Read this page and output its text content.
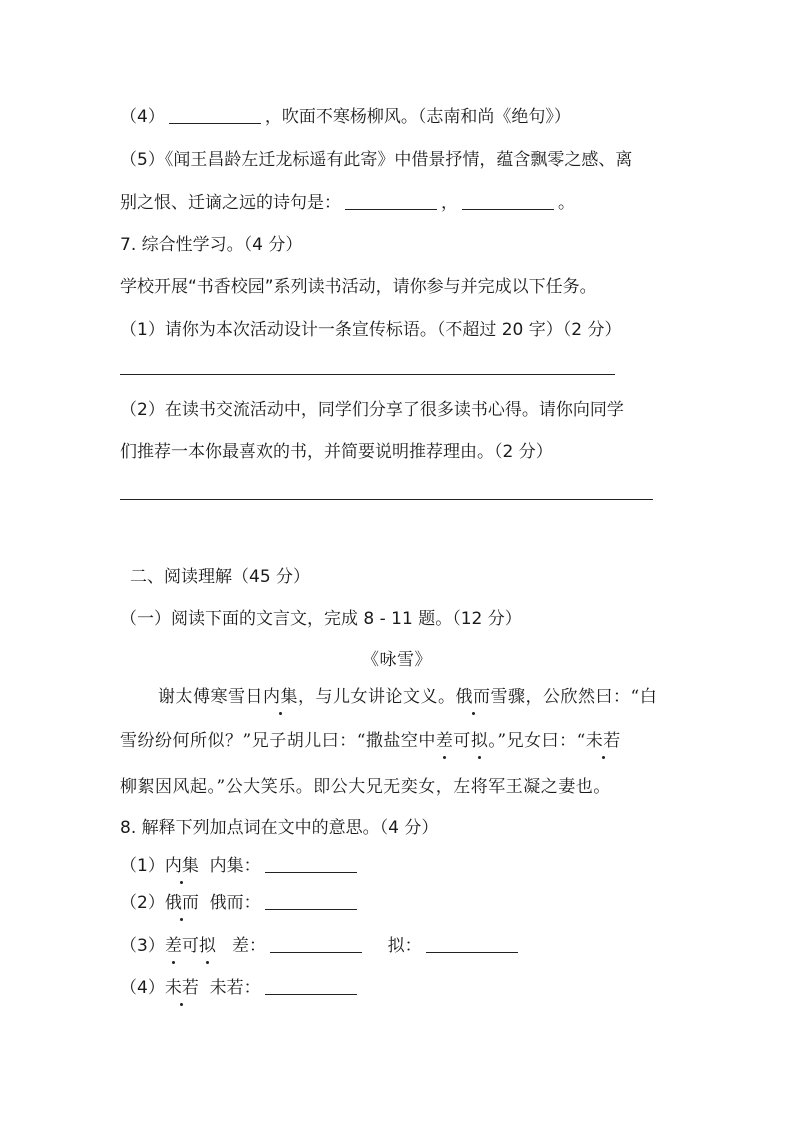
（4）	，吹面不寒杨柳风。（志南和尚《绝句》）
（5）《闻王昌龄左迁龙标遥有此寄》中借景抒情，蕴含飘零之感、离
别之恨、迁谪之远的诗句是：	，	。
7. 综合性学习。（4 分）
学校开展“书香校园”系列读书活动，请你参与并完成以下任务。
（1）请你为本次活动设计一条宣传标语。（不超过 20 字）（2 分）
（2）在读书交流活动中，同学们分享了很多读书心得。请你向同学
们推荐一本你最喜欢的书，并简要说明推荐理由。（2 分）
二、阅读理解（45 分）
（一）阅读下面的文言文，完成 8 - 11 题。（12 分）
《咏雪》
谢太傅寒雪日内集，与儿女讲论文义。俄而雪骤，公欣然曰：“白
雪纷纷何所似？”兄子胡儿曰：“撒盐空中差可拟。”兄女曰：“未若
柳絮因风起。”公大笑乐。即公大兄无奕女，左将军王凝之妻也。
8. 解释下列加点词在文中的意思。（4 分）
（1）内集 内集：
（2）俄而 俄而：
（3）差可拟 差：	拟：
（4）未若 未若：
